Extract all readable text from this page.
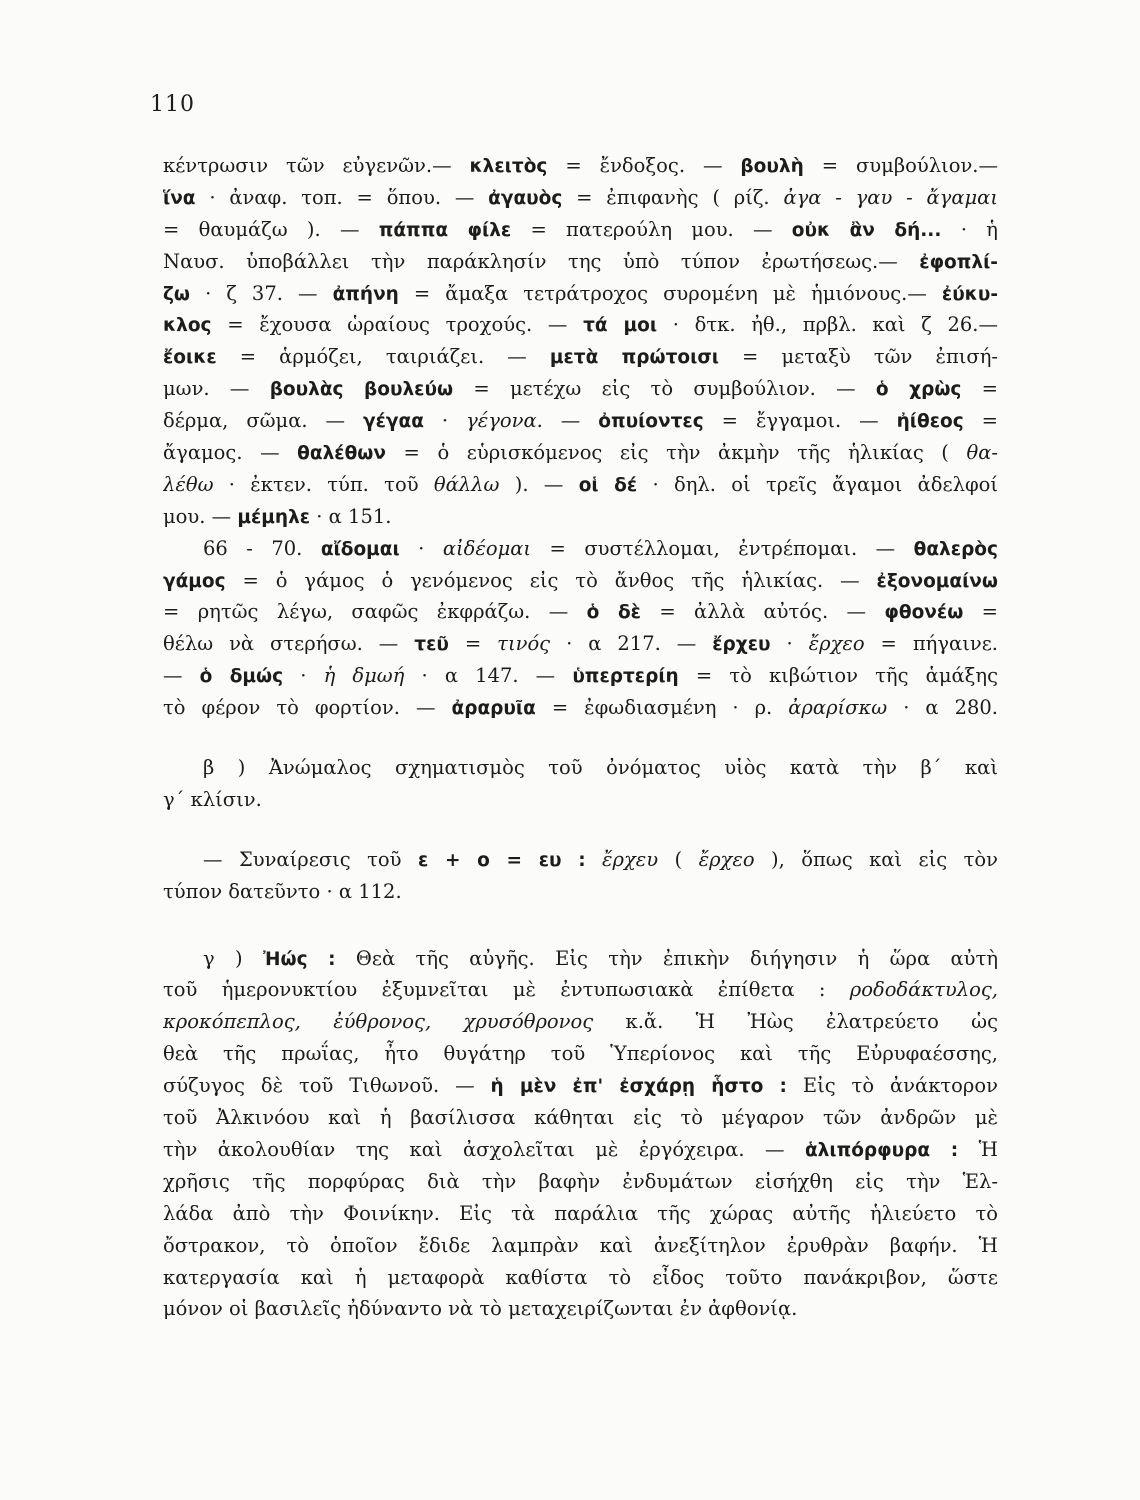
110
κέντρωσιν τῶν εὐγενῶν.— κλειτὸς = ἔνδοξος. — βουλὴ = συμβούλιον.—
ἵνα · ἀναφ. τοπ. = ὅπου. — ἀγαυὸς = ἐπιφανὴς ( ρίζ. ἀγα - γαυ - ἄγαμαι
= θαυμάζω ). — πάππα φίλε = πατερούλη μου. — οὐκ ἂν δή... · ἡ
Ναυσ. ὑποβάλλει τὴν παράκλησίν της ὑπὸ τύπον ἐρωτήσεως.— ἐφοπλί-
ζω · ζ 37. — ἀπήνη = ἄμαξα τετράτροχος συρομένη μὲ ἡμιόνους.— ἐύκυ-
κλος = ἔχουσα ὡραίους τροχούς. — τά μοι · δτκ. ἠθ., πρβλ. καὶ ζ 26.—
ἔοικε = ἁρμόζει, ταιριάζει. — μετὰ πρώτοισι = μεταξὺ τῶν ἐπισή-
μων. — βουλὰς βουλεύω = μετέχω εἰς τὸ συμβούλιον. — ὁ χρὼς =
δέρμα, σῶμα. — γέγαα · γέγονα. — ὀπυίοντες = ἔγγαμοι. — ἠίθεος =
ἄγαμος. — θαλέθων = ὁ εὑρισκόμενος εἰς τὴν ἀκμὴν τῆς ἡλικίας ( θα-
λέθω · ἐκτεν. τύπ. τοῦ θάλλω ). — οἱ δέ · δηλ. οἱ τρεῖς ἄγαμοι ἀδελφοί
μου. — μέμηλε · α 151.
66 - 70. αἴδομαι · αἰδέομαι = συστέλλομαι, ἐντρέπομαι. — θαλερὸς
γάμος = ὁ γάμος ὁ γενόμενος εἰς τὸ ἄνθος τῆς ἡλικίας. — ἐξονομαίνω
= ρητῶς λέγω, σαφῶς ἐκφράζω. — ὁ δὲ = ἀλλὰ αὐτός. — φθονέω =
θέλω νὰ στερήσω. — τεῦ = τινός · α 217. — ἔρχευ · ἔρχεο = πήγαινε.
— ὁ δμώς · ἡ δμωή · α 147. — ὑπερτερίη = τὸ κιβώτιον τῆς ἁμάξης
τὸ φέρον τὸ φορτίον. — ἀραρυῖα = ἐφωδιασμένη · ρ. ἀραρίσκω · α 280.
β ) Ἀνώμαλος σχηματισμὸς τοῦ ὀνόματος υἱὸς κατὰ τὴν β΄ καὶ
γ΄ κλίσιν.
— Συναίρεσις τοῦ ε + ο = ευ : ἔρχευ ( ἔρχεο ), ὅπως καὶ εἰς τὸν
τύπον δατεῦντο · α 112.
γ ) Ἠώς : Θεὰ τῆς αὐγῆς. Εἰς τὴν ἐπικὴν διήγησιν ἡ ὥρα αὐτὴ
τοῦ ἡμερονυκτίου ἐξυμνεῖται μὲ ἐντυπωσιακὰ ἐπίθετα : ροδοδάκτυλος,
κροκόπεπλος, ἐύθρονος, χρυσόθρονος κ.ἄ. Ἡ Ἠὼς ἐλατρεύετο ὡς
θεὰ τῆς πρωΐας, ἦτο θυγάτηρ τοῦ Ὑπερίονος καὶ τῆς Εὐρυφαέσσης,
σύζυγος δὲ τοῦ Τιθωνοῦ. — ἡ μὲν ἐπ' ἐσχάρῃ ἧστο : Εἰς τὸ ἀνάκτορον
τοῦ Ἀλκινόου καὶ ἡ βασίλισσα κάθηται εἰς τὸ μέγαρον τῶν ἀνδρῶν μὲ
τὴν ἀκολουθίαν της καὶ ἀσχολεῖται μὲ ἐργόχειρα. — ἁλιπόρφυρα : Ἡ
χρῆσις τῆς πορφύρας διὰ τὴν βαφὴν ἐνδυμάτων εἰσήχθη εἰς τὴν Ἑλ-
λάδα ἀπὸ τὴν Φοινίκην. Εἰς τὰ παράλια τῆς χώρας αὐτῆς ἡλιεύετο τὸ
ὄστρακον, τὸ ὁποῖον ἔδιδε λαμπρὰν καὶ ἀνεξίτηλον ἐρυθρὰν βαφήν. Ἡ
κατεργασία καὶ ἡ μεταφορὰ καθίστα τὸ εἶδος τοῦτο πανάκριβον, ὥστε
μόνον οἱ βασιλεῖς ἠδύναντο νὰ τὸ μεταχειρίζωνται ἐν ἀφθονίᾳ.
